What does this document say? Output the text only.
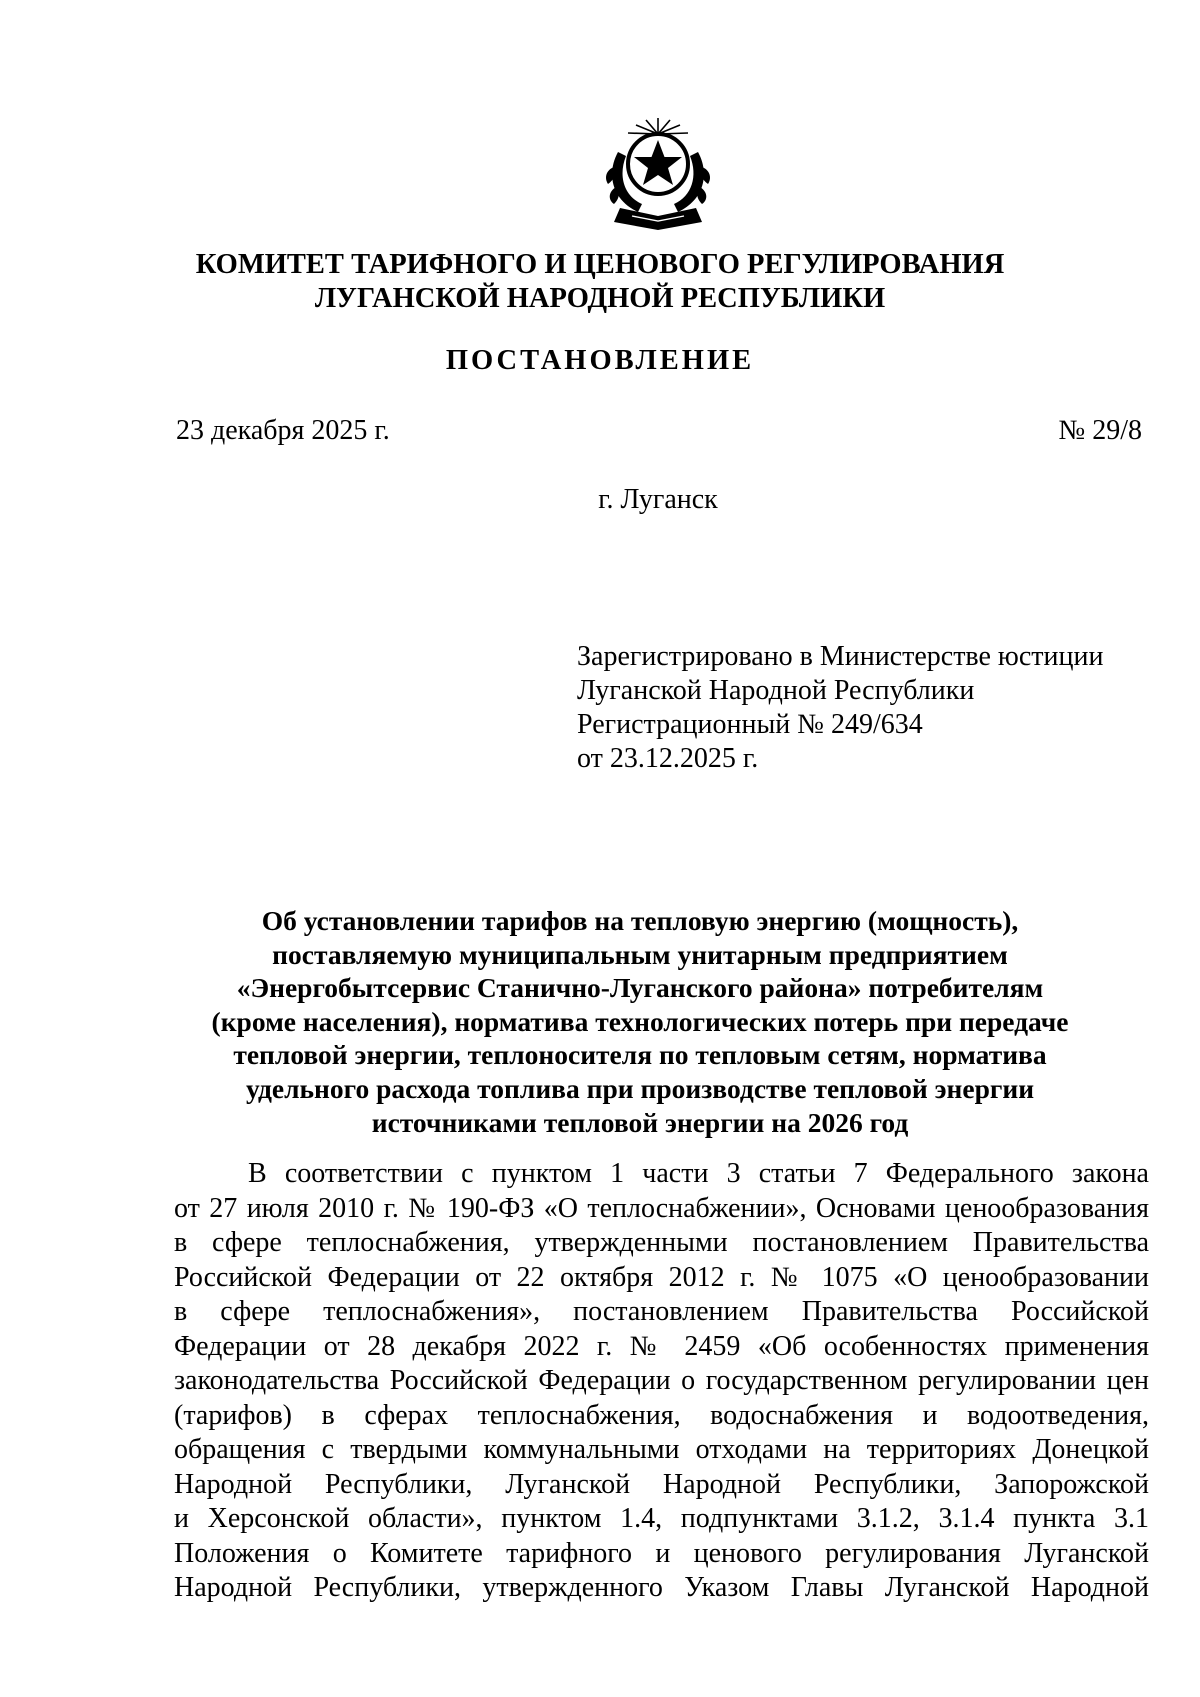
КОМИТЕТ ТАРИФНОГО И ЦЕНОВОГО РЕГУЛИРОВАНИЯ
ЛУГАНСКОЙ НАРОДНОЙ РЕСПУБЛИКИ
ПОСТАНОВЛЕНИЕ
23 декабря 2025 г.	№ 29/8
г. Луганск
Зарегистрировано в Министерстве юстиции
Луганской Народной Республики
Регистрационный № 249/634
от 23.12.2025 г.
Об установлении тарифов на тепловую энергию (мощность),
поставляемую муниципальным унитарным предприятием
«Энергобытсервис Станично-Луганского района» потребителям
(кроме населения), норматива технологических потерь при передаче
тепловой энергии, теплоносителя по тепловым сетям, норматива
удельного расхода топлива при производстве тепловой энергии
источниками тепловой энергии на 2026 год
В соответствии с пунктом 1 части 3 статьи 7 Федерального закона
от 27 июля 2010 г. № 190-ФЗ «О теплоснабжении», Основами ценообразования
в сфере теплоснабжения, утвержденными постановлением Правительства
Российской Федерации от 22 октября 2012 г. № 1075 «О ценообразовании
в сфере теплоснабжения», постановлением Правительства Российской
Федерации от 28 декабря 2022 г. № 2459 «Об особенностях применения
законодательства Российской Федерации о государственном регулировании цен
(тарифов) в сферах теплоснабжения, водоснабжения и водоотведения,
обращения с твердыми коммунальными отходами на территориях Донецкой
Народной Республики, Луганской Народной Республики, Запорожской
и Херсонской области», пунктом 1.4, подпунктами 3.1.2, 3.1.4 пункта 3.1
Положения о Комитете тарифного и ценового регулирования Луганской
Народной Республики, утвержденного Указом Главы Луганской Народной
